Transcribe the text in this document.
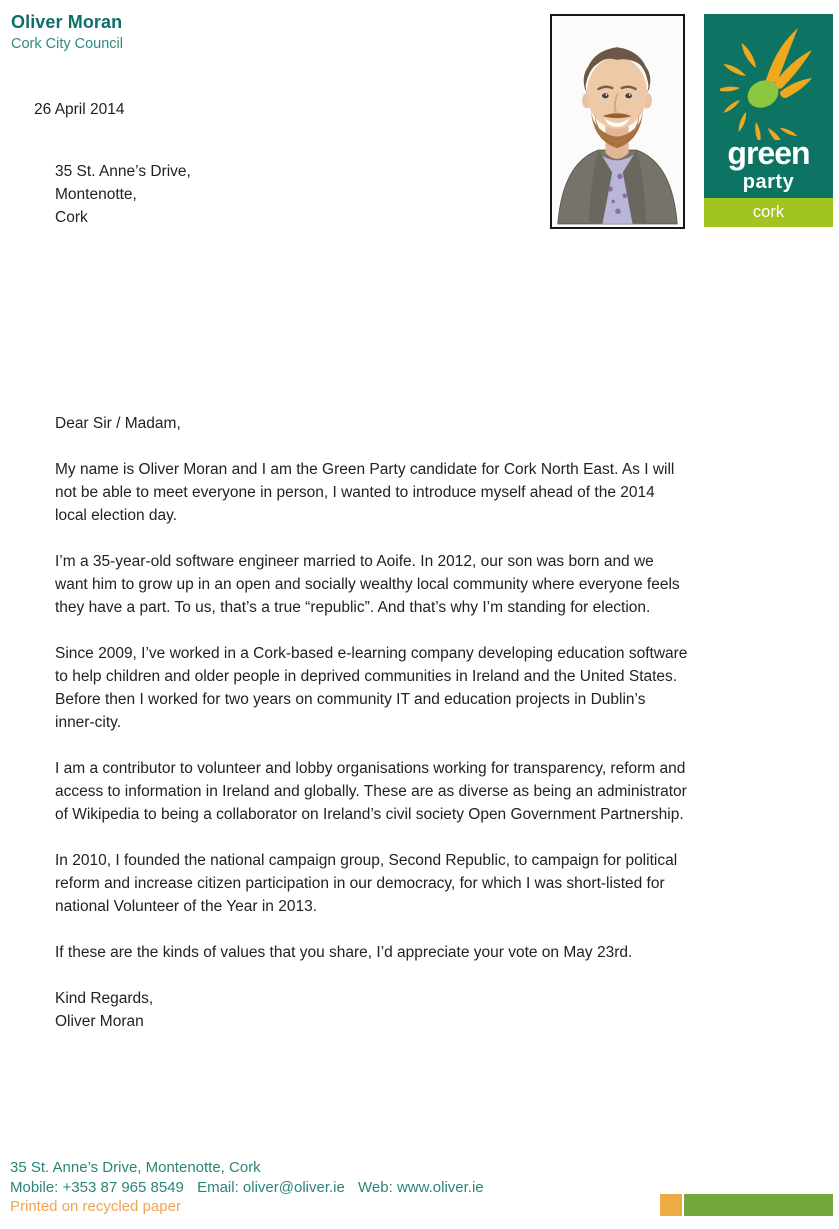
Oliver Moran
Cork City Council
green
party
cork
26 April 2014
35 St. Anne’s Drive,
Montenotte,
Cork

Dear Sir / Madam,

My name is Oliver Moran and I am the Green Party candidate for Cork North East. As I will not be able to meet everyone in person, I wanted to introduce myself ahead of the 2014 local election day.

I’m a 35-year-old software engineer married to Aoife. In 2012, our son was born and we want him to grow up in an open and socially wealthy local community where everyone feels they have a part. To us, that’s a true “republic”. And that’s why I’m standing for election.

Since 2009, I’ve worked in a Cork-based e-learning company developing education software to help children and older people in deprived communities in Ireland and the United States. Before then I worked for two years on community IT and education projects in Dublin’s inner-city.

I am a contributor to volunteer and lobby organisations working for transparency, reform and access to information in Ireland and globally. These are as diverse as being an administrator of Wikipedia to being a collaborator on Ireland’s civil society Open Government Partnership.

In 2010, I founded the national campaign group, Second Republic, to campaign for political reform and increase citizen participation in our democracy, for which I was short-listed for national Volunteer of the Year in 2013.

If these are the kinds of values that you share, I’d appreciate your vote on May 23rd.

Kind Regards,
Oliver Moran
35 St. Anne’s Drive, Montenotte, Cork
Mobile: +353 87 965 8549 Email: oliver@oliver.ie Web: www.oliver.ie
Printed on recycled paper
